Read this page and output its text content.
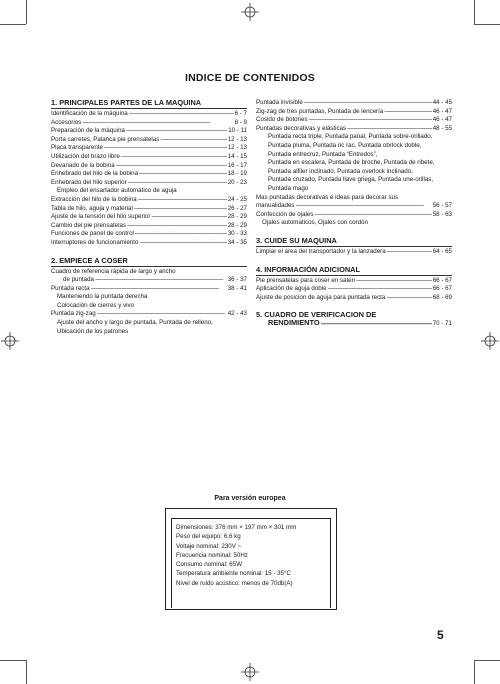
INDICE DE CONTENIDOS
1. PRINCIPALES PARTES DE LA MAQUINA
Identificación de la máquina -----	6 - 7
Accesorios -----	8 - 9
Preparación de la máquina -----	10 - 11
Porta carretes, Palanca pie prensatelas -----	12 - 13
Placa transparente -----	12 - 13
Utilización del brazo libre -----	14 - 15
Devanado de la bobina -----	16 - 17
Enhebrado del hilo de la bobina -----	18 - 19
Enhebrado del hilo superior -----	20 - 23
Empleo del ensartador automático de aguja
Extracción del hilo de la bobina -----	24 - 25
Tabla de hilo, aguja y material -----	26 - 27
Ajuste de la tensión del hilo superior -----	28 - 29
Cambio del pie prensatelas -----	28 - 29
Funciones de panel de control -----	30 - 33
Interruptores de funcionamiento -----	34 - 35
2. EMPIECE A COSER
Cuadro de referencia rápida de largo y ancho
de puntada -----	36 - 37
Puntada recta -----	38 - 41
Manteniendo la puntada derecha
Colocación de cierres y vivo
Puntada zig-zag -----	42 - 43
Ajuste del ancho y largo de puntada, Puntada de relleno,
Ubicación de los patrones
Puntada invisible -----	44 - 45
Zig-zag de tres puntadas, Puntada de lencería -----	46 - 47
Cosido de botones -----	46 - 47
Puntadas decorativas y elásticas -----	48 - 55
Puntada recta triple, Puntada panal, Puntada sobre-orillado,
Puntada pluma, Puntada ric rac, Puntada obrlock doble,
Puntada entrecruz, Puntada “Entredos”,
Puntada en escalera, Puntada de broche, Puntada de ribete,
Puntada alfiler inclinado, Puntada overlock inclinado,
Puntada cruzado, Puntada llave griega, Puntada une-orillas,
Puntada mago
Mas puntadas decorativas e ideas para decorar sus
manualidades -----	56 - 57
Confección de ojales -----	58 - 63
Ojales automaticos, Ojales con cordón
3. CUIDE SU MAQUINA
Limpiar el area del transportador y la lanzadera -----	64 - 65
4. INFORMACIÓN ADICIONAL
Pie prensatelas para coser en satén -----	66 - 67
Aplicación de aguja doble -----	66 - 67
Ajuste de posicion de aguja para puntada recta -----	68 - 69
5. CUADRO DE VERIFICACION DE
RENDIMIENTO -----	70 - 71
Para versión europea
Dimensiones: 376 mm × 197 mm × 301 mm
Peso del equipo: 6,6 kg
Voltaje nominal: 230V ~
Frecuencia nominal: 50Hz
Consumo nominal: 65W
Temperatura ambiente nominal: 15 - 35°C
Nivel de ruido acústico: menos de 70db(A)
5
